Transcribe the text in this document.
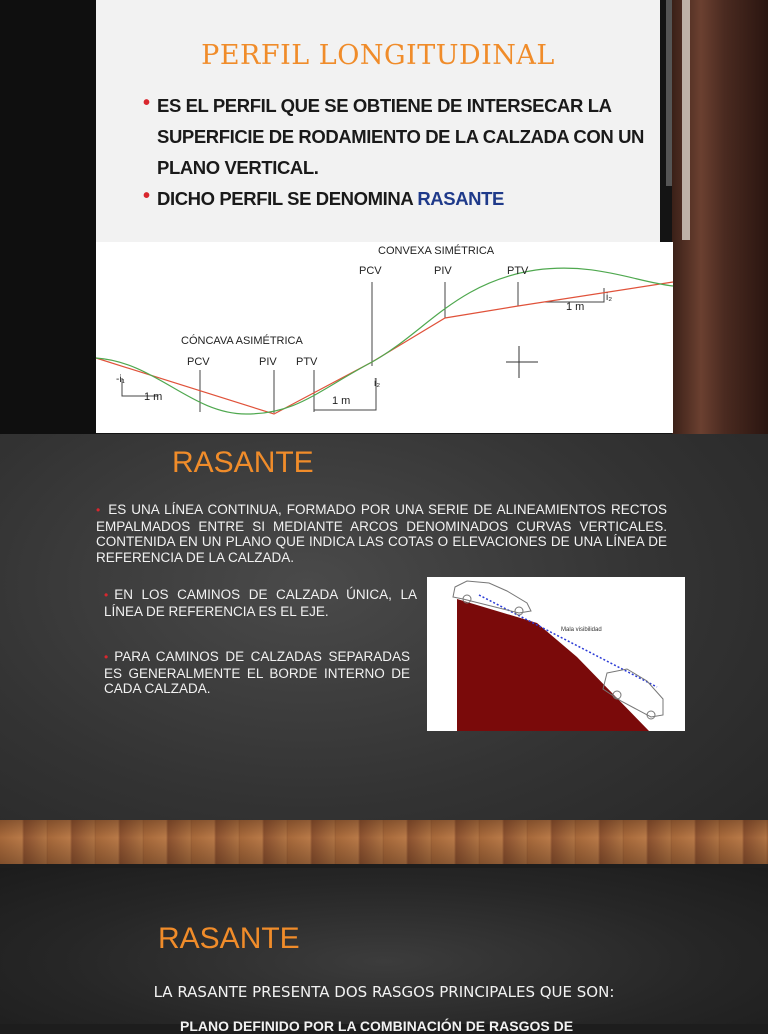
PERFIL LONGITUDINAL
• ES EL PERFIL QUE SE OBTIENE DE INTERSECAR LA SUPERFICIE DE RODAMIENTO DE LA CALZADA CON UN PLANO VERTICAL.
• DICHO PERFIL SE DENOMINA RASANTE
CONVEXA SIMÉTRICA
PCV	PIV	PTV
CÓNCAVA ASIMÉTRICA
PCV	PIV PTV
-i₁	i₂
i₂
1 m	1 m
1 m
RASANTE
• ES UNA LÍNEA CONTINUA, FORMADO POR UNA SERIE DE ALINEAMIENTOS RECTOS EMPALMADOS ENTRE SI MEDIANTE ARCOS DENOMINADOS CURVAS VERTICALES. CONTENIDA EN UN PLANO QUE INDICA LAS COTAS O ELEVACIONES DE UNA LÍNEA DE REFERENCIA DE LA CALZADA.
• EN LOS CAMINOS DE CALZADA ÚNICA, LA LÍNEA DE REFERENCIA ES EL EJE.
• PARA CAMINOS DE CALZADAS SEPARADAS ES GENERALMENTE EL BORDE INTERNO DE CADA CALZADA.
Mala visibilidad
RASANTE
LA RASANTE PRESENTA DOS RASGOS PRINCIPALES QUE SON:
PLANO DEFINIDO POR LA COMBINACIÓN DE RASGOS DE
